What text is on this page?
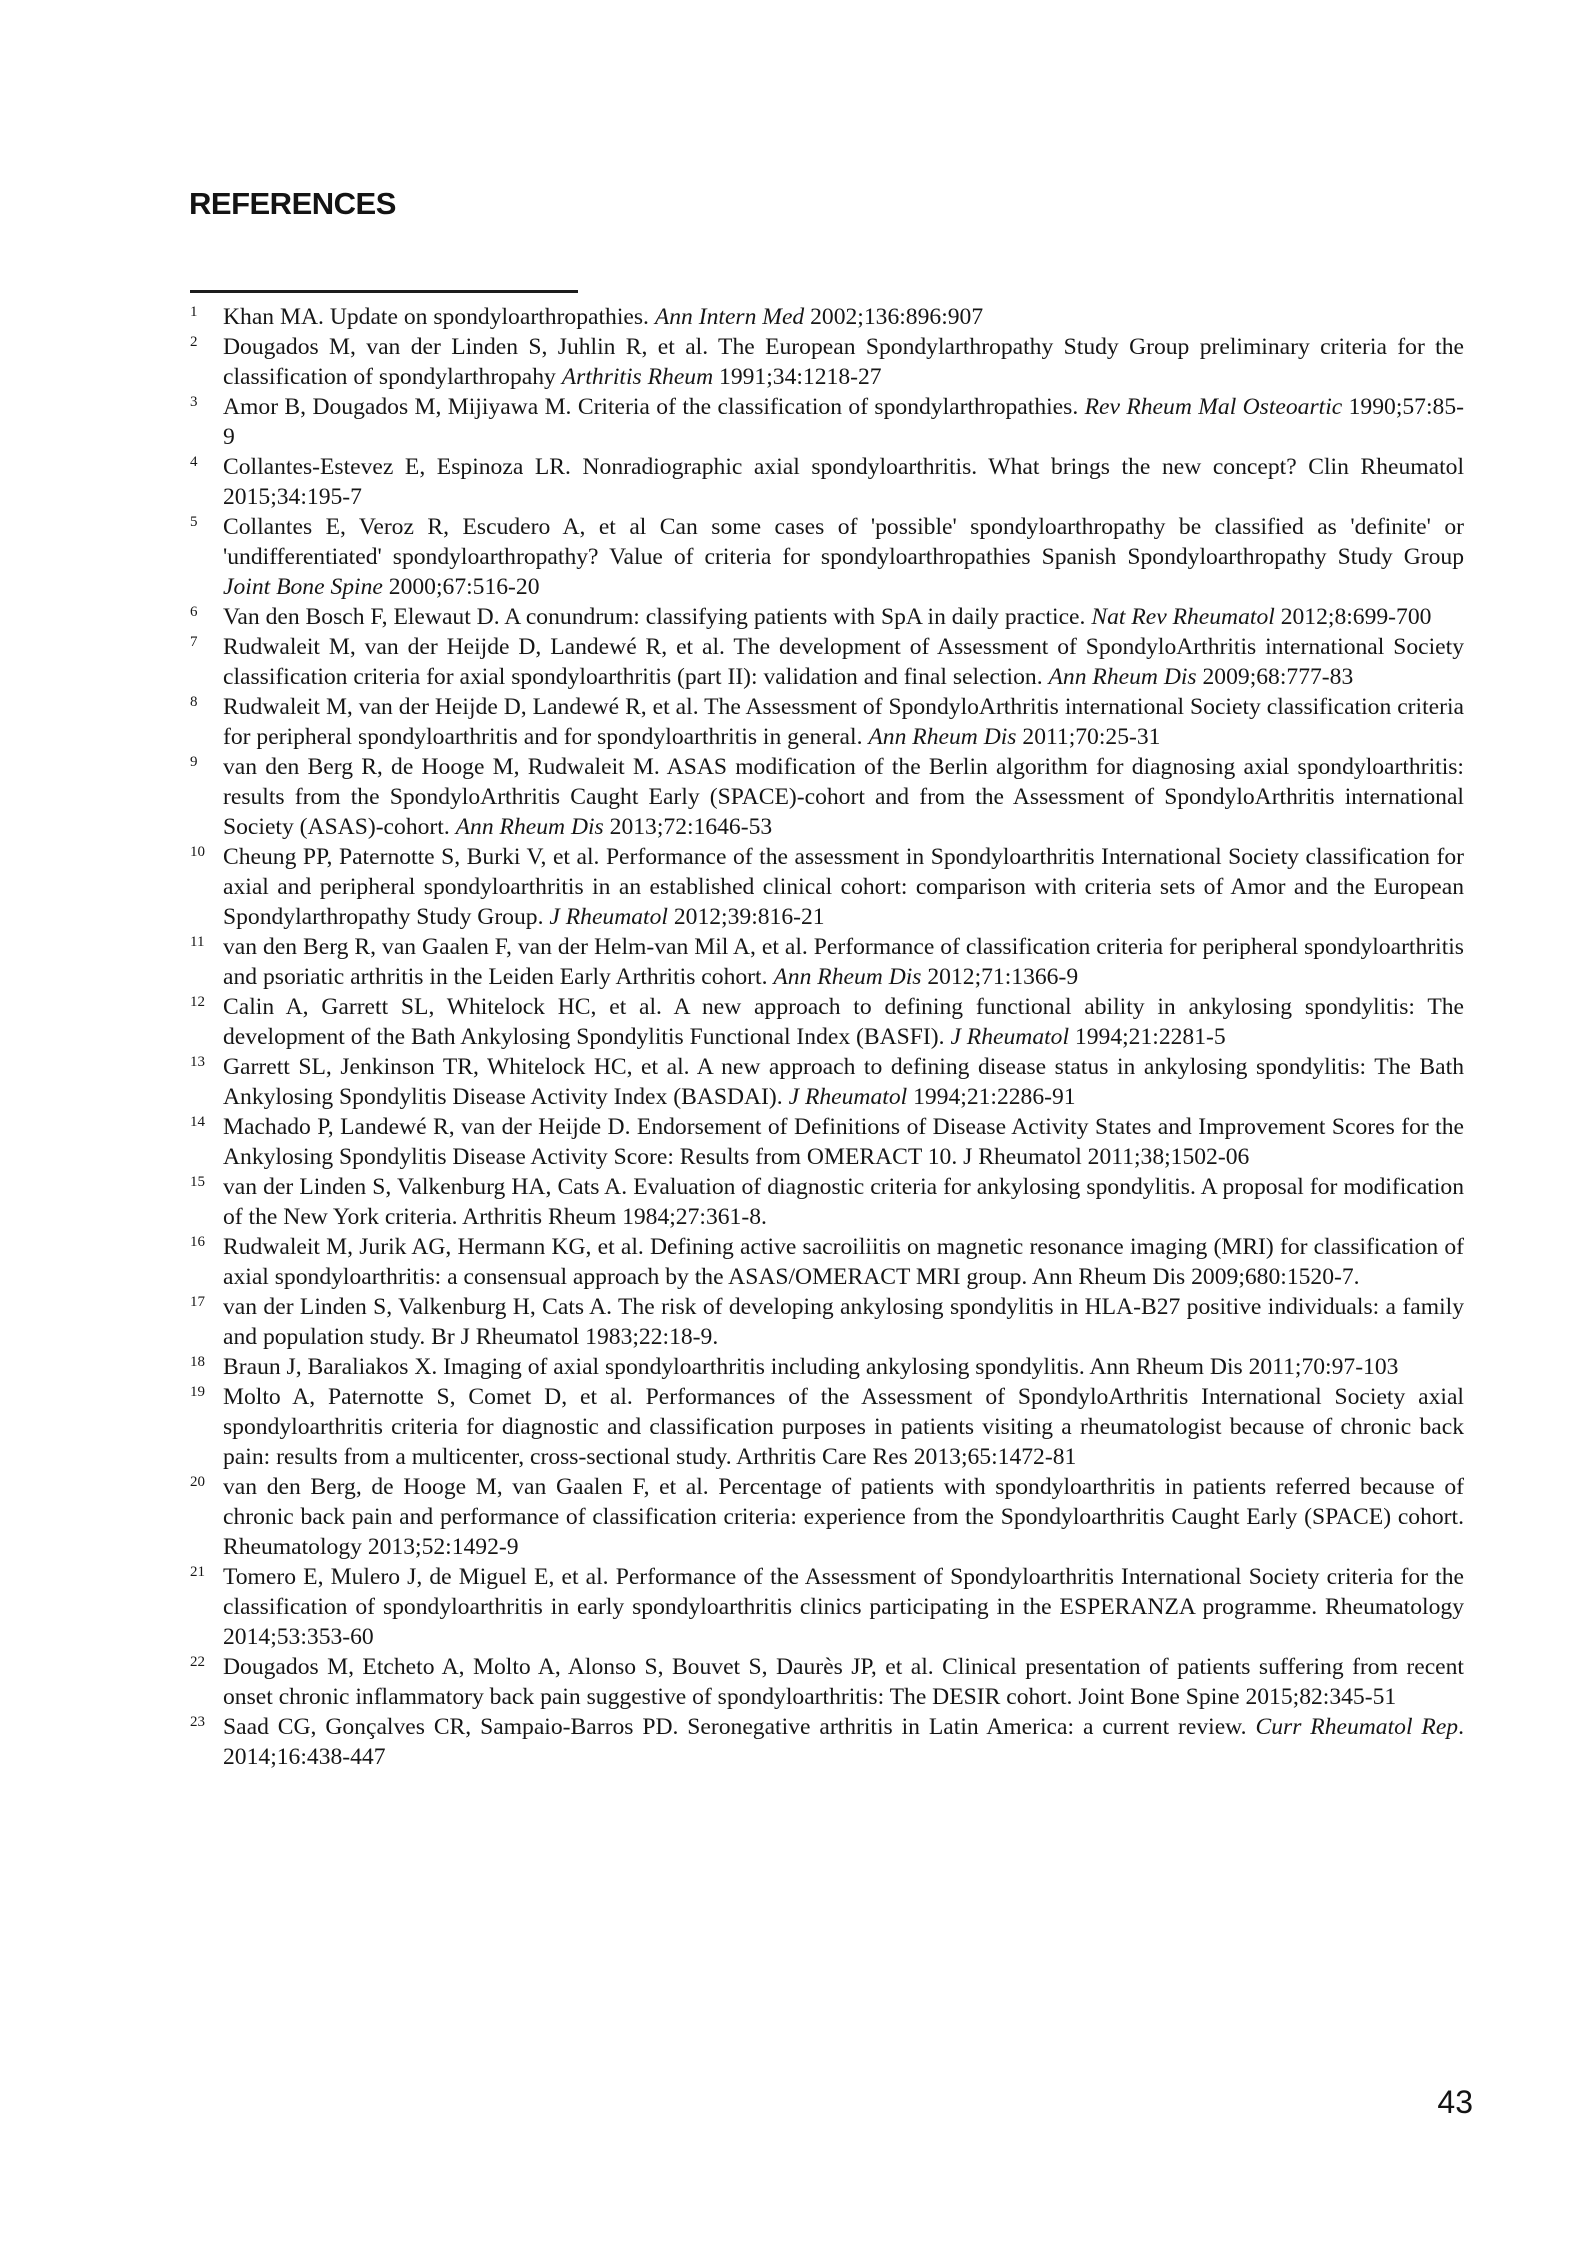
REFERENCES

$^1$ Khan MA. Update on spondyloarthropathies. Ann Intern Med 2002;136:896:907

$^2$ Dougados M, van der Linden S, Juhlin R, et al. The European Spondylarthropathy Study Group preliminary criteria for the classification of spondylarthropahy Arthritis Rheum 1991;34:1218-27

$^3$ Amor B, Dougados M, Mijiyawa M. Criteria of the classification of spondylarthropathies. Rev Rheum Mal Osteoartic 1990;57:85-9

$^4$ Collantes-Estevez E, Espinoza LR. Nonradiographic axial spondyloarthritis. What brings the new concept? Clin Rheumatol 2015;34:195-7

$^5$ Collantes E, Veroz R, Escudero A, et al Can some cases of 'possible' spondyloarthropathy be classified as 'definite' or 'undifferentiated' spondyloarthropathy? Value of criteria for spondyloarthropathies Spanish Spondyloarthropathy Study Group Joint Bone Spine 2000;67:516-20

$^6$ Van den Bosch F, Elewaut D. A conundrum: classifying patients with SpA in daily practice. Nat Rev Rheumatol 2012;8:699-700

$^7$ Rudwaleit M, van der Heijde D, Landewé R, et al. The development of Assessment of SpondyloArthritis international Society classification criteria for axial spondyloarthritis (part II): validation and final selection. Ann Rheum Dis 2009;68:777-83

$^8$ Rudwaleit M, van der Heijde D, Landewé R, et al. The Assessment of SpondyloArthritis international Society classification criteria for peripheral spondyloarthritis and for spondyloarthritis in general. Ann Rheum Dis 2011;70:25-31

$^9$ van den Berg R, de Hooge M, Rudwaleit M. ASAS modification of the Berlin algorithm for diagnosing axial spondyloarthritis: results from the SpondyloArthritis Caught Early (SPACE)-cohort and from the Assessment of SpondyloArthritis international Society (ASAS)-cohort. Ann Rheum Dis 2013;72:1646-53

$^{10}$ Cheung PP, Paternotte S, Burki V, et al. Performance of the assessment in Spondyloarthritis International Society classification for axial and peripheral spondyloarthritis in an established clinical cohort: comparison with criteria sets of Amor and the European Spondylarthropathy Study Group. J Rheumatol 2012;39:816-21

$^{11}$ van den Berg R, van Gaalen F, van der Helm-van Mil A, et al. Performance of classification criteria for peripheral spondyloarthritis and psoriatic arthritis in the Leiden Early Arthritis cohort. Ann Rheum Dis 2012;71:1366-9

$^{12}$ Calin A, Garrett SL, Whitelock HC, et al. A new approach to defining functional ability in ankylosing spondylitis: The development of the Bath Ankylosing Spondylitis Functional Index (BASFI). J Rheumatol 1994;21:2281-5

$^{13}$ Garrett SL, Jenkinson TR, Whitelock HC, et al. A new approach to defining disease status in ankylosing spondylitis: The Bath Ankylosing Spondylitis Disease Activity Index (BASDAI). J Rheumatol 1994;21:2286-91

$^{14}$ Machado P, Landewé R, van der Heijde D. Endorsement of Definitions of Disease Activity States and Improvement Scores for the Ankylosing Spondylitis Disease Activity Score: Results from OMERACT 10. J Rheumatol 2011;38;1502-06

$^{15}$ van der Linden S, Valkenburg HA, Cats A. Evaluation of diagnostic criteria for ankylosing spondylitis. A proposal for modification of the New York criteria. Arthritis Rheum 1984;27:361-8.

$^{16}$ Rudwaleit M, Jurik AG, Hermann KG, et al. Defining active sacroiliitis on magnetic resonance imaging (MRI) for classification of axial spondyloarthritis: a consensual approach by the ASAS/OMERACT MRI group. Ann Rheum Dis 2009;680:1520-7.

$^{17}$ van der Linden S, Valkenburg H, Cats A. The risk of developing ankylosing spondylitis in HLA-B27 positive individuals: a family and population study. Br J Rheumatol 1983;22:18-9.

$^{18}$ Braun J, Baraliakos X. Imaging of axial spondyloarthritis including ankylosing spondylitis. Ann Rheum Dis 2011;70:97-103

$^{19}$ Molto A, Paternotte S, Comet D, et al. Performances of the Assessment of SpondyloArthritis International Society axial spondyloarthritis criteria for diagnostic and classification purposes in patients visiting a rheumatologist because of chronic back pain: results from a multicenter, cross-sectional study. Arthritis Care Res 2013;65:1472-81

$^{20}$ van den Berg, de Hooge M, van Gaalen F, et al. Percentage of patients with spondyloarthritis in patients referred because of chronic back pain and performance of classification criteria: experience from the Spondyloarthritis Caught Early (SPACE) cohort. Rheumatology 2013;52:1492-9

$^{21}$ Tomero E, Mulero J, de Miguel E, et al. Performance of the Assessment of Spondyloarthritis International Society criteria for the classification of spondyloarthritis in early spondyloarthritis clinics participating in the ESPERANZA programme. Rheumatology 2014;53:353-60

$^{22}$ Dougados M, Etcheto A, Molto A, Alonso S, Bouvet S, Daurès JP, et al. Clinical presentation of patients suffering from recent onset chronic inflammatory back pain suggestive of spondyloarthritis: The DESIR cohort. Joint Bone Spine 2015;82:345-51

$^{23}$ Saad CG, Gonçalves CR, Sampaio-Barros PD. Seronegative arthritis in Latin America: a current review. Curr Rheumatol Rep. 2014;16:438-447

43
